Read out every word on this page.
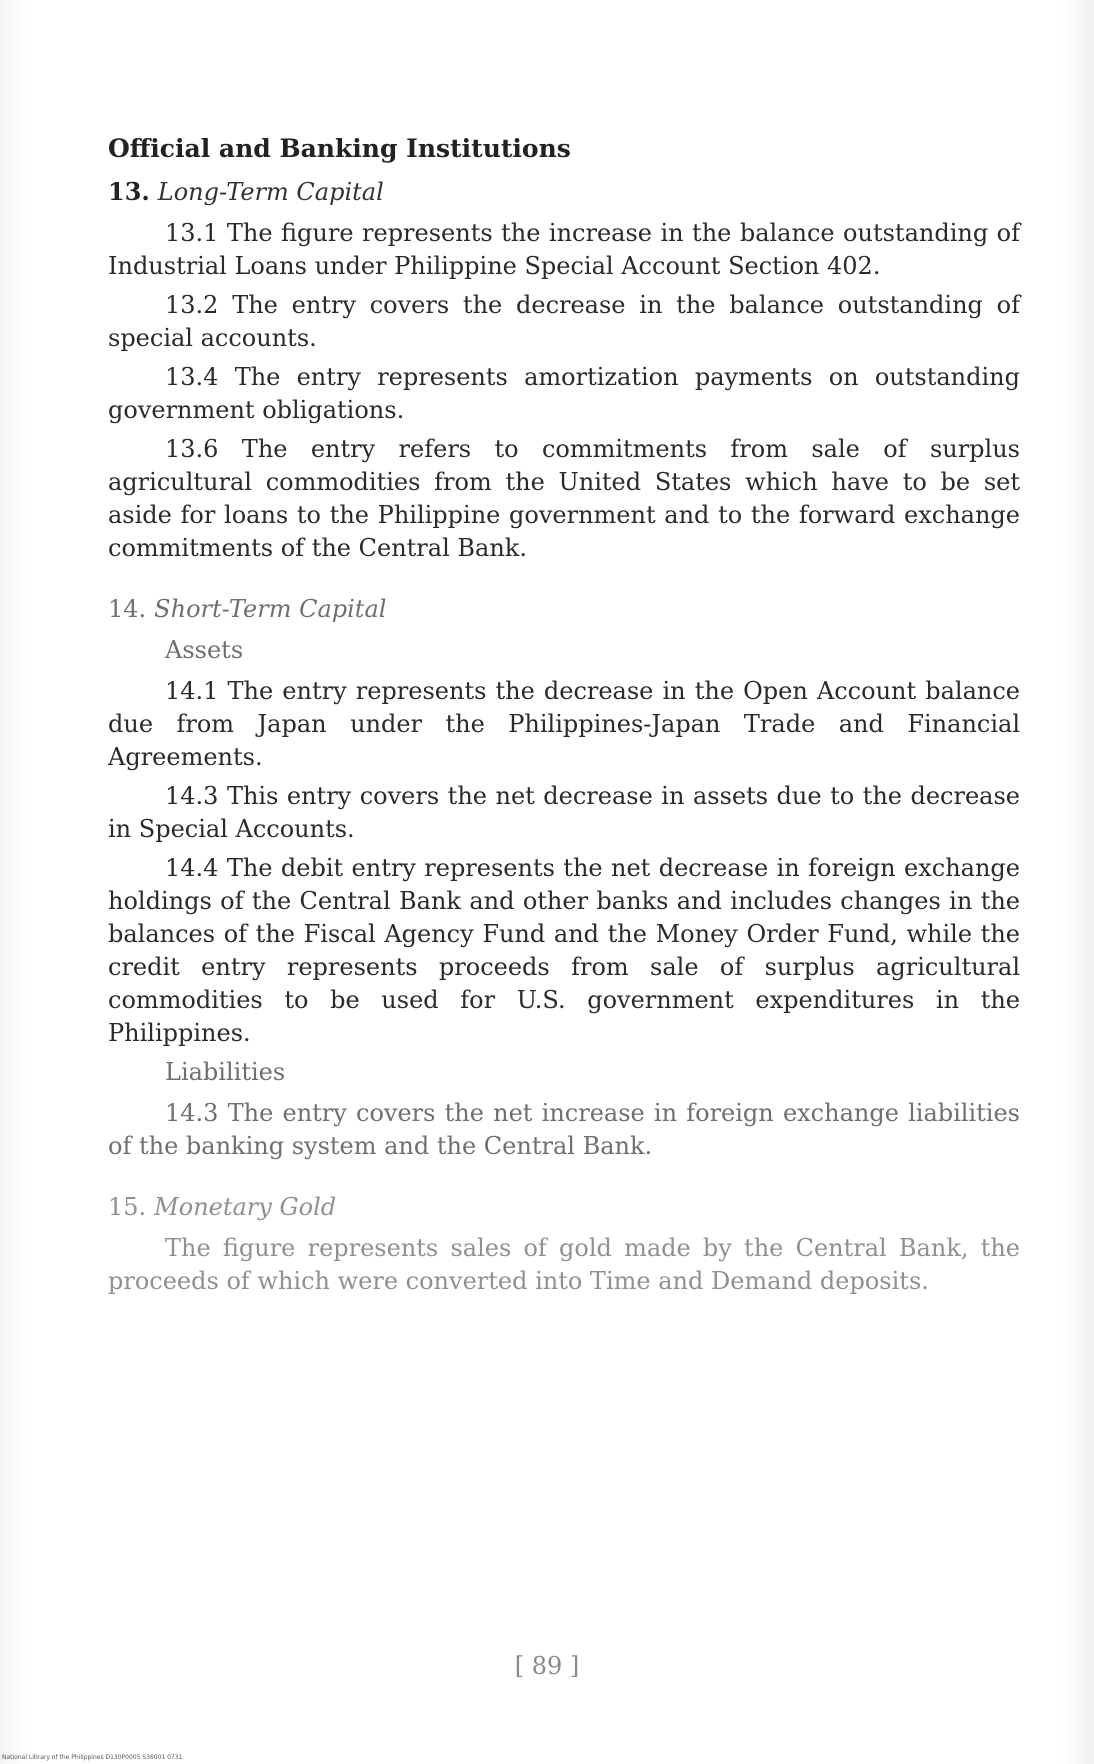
Official and Banking Institutions
13. Long-Term Capital

13.1 The figure represents the increase in the balance outstanding of Industrial Loans under Philippine Special Account Section 402.

13.2 The entry covers the decrease in the balance outstanding of special accounts.

13.4 The entry represents amortization payments on outstanding government obligations.

13.6 The entry refers to commitments from sale of surplus agricultural commodities from the United States which have to be set aside for loans to the Philippine government and to the forward exchange commitments of the Central Bank.

14. Short-Term Capital
Assets

14.1 The entry represents the decrease in the Open Account balance due from Japan under the Philippines-Japan Trade and Financial Agreements.

14.3 This entry covers the net decrease in assets due to the decrease in Special Accounts.

14.4 The debit entry represents the net decrease in foreign exchange holdings of the Central Bank and other banks and includes changes in the balances of the Fiscal Agency Fund and the Money Order Fund, while the credit entry represents proceeds from sale of surplus agricultural commodities to be used for U.S. government expenditures in the Philippines.

Liabilities

14.3 The entry covers the net increase in foreign exchange liabilities of the banking system and the Central Bank.

15. Monetary Gold

The figure represents sales of gold made by the Central Bank, the proceeds of which were converted into Time and Demand deposits.

[ 89 ]
National Library of the Philippines D130P0005 S36001 0731
